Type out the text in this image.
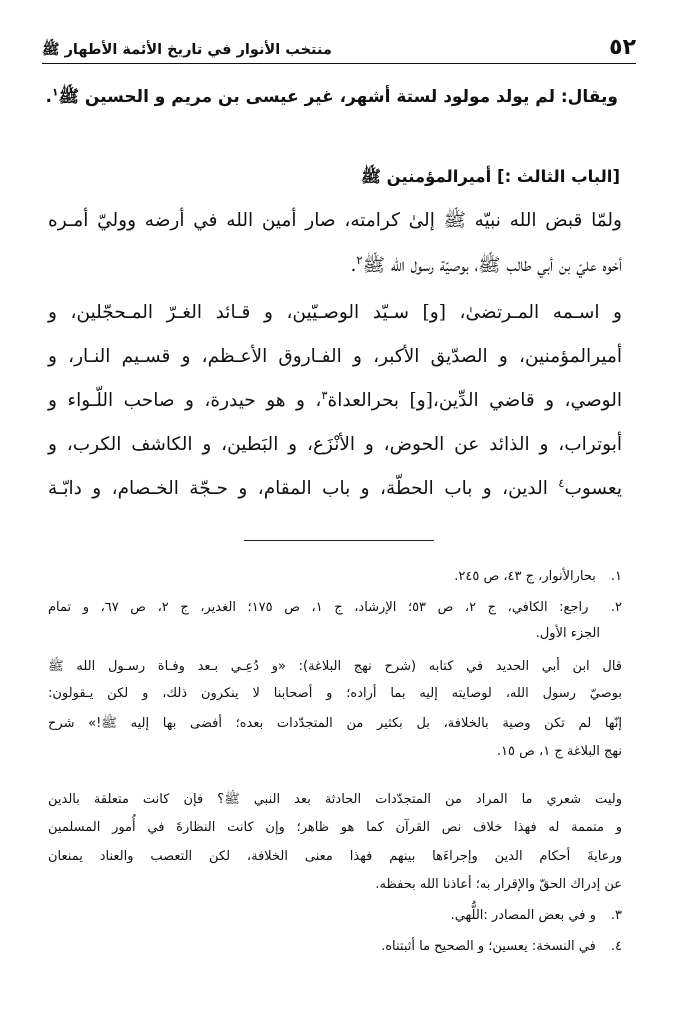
٥٢
منتخب الأنوار في تاريخ الأئمة الأطهار ﷺ
ويقال: لم يولد مولود لستة أشهر، غير عيسى بن مريم و الحسين ﷺ$^١$.
[الباب الثالث :] أميرالمؤمنين ﷺ
ولمّا قبض الله نبيّه ﷺ إلىٰ كرامته، صار أمين الله في أرضه ووليّ أمـره
أخوه عليّ بن أبي طالب ﷺ، بوصيّة رسول الله ﷺ$^٢$.
و اسـمه المـرتضىٰ، [و] سـيّد الوصـيّين، و قـائد الغـرّ المـحجّلين، و
أميرالمؤمنين، و الصدّيق الأكبر، و الفـاروق الأعـظم، و قسـيم النـار، و
الوصي، و قاضي الدِّين،[و] بحرالعداة$^٣$، و هو حيدرة، و صاحب اللّـواء و
أبوتراب، و الذائد عن الحوض، و الأنْزَع، و البَطين، و الكاشف الكرب، و
يعسوب$^٤$ الدين، و باب الحطّة، و باب المقام، و حـجّة الخـصام، و دابّـة
١. بحارالأنوار، ج ٤٣، ص ٢٤٥.
٢. راجع: الكافي، ج ٢، ص ٥٣؛ الإرشاد، ج ١، ص ١٧٥؛ الغدير، ج ٢، ص ٦٧، و تمام
الجزء الأول.
قال ابن أبي الحديد في كتابه (شرح نهج البلاغة): «و دُعِـي بـعد وفـاة رسـول الله ﷺ
بوصيّ رسول الله، لوصايته إليه بما أراده؛ و أصحابنا لا ينكرون ذلك، و لكن يـقولون:
إنّها لم تكن وصية بالخلافة، بل بكثير من المتجدّدات بعده؛ أفضى بها إليه ﷺ!» شرح
نهج البلاغة ج ١، ص ١٥.
وليت شعري ما المراد من المتجدّدات الحادثة بعد النبي ﷺ؟ فإن كانت متعلقة بالدين
و متممة له فهذا خلاف نص القرآن كما هو ظاهر؛ وإن كانت النظارةَ في أُمور المسلمين
ورعايةَ أحكام الدين وإجراءَها بينهم فهذا معنى الخلافة، لكن التعصب والعناد يمنعان
عن إدراك الحقّ والإقرار به؛ أعاذنا الله بحفظه.
٣. و في بعض المصادر :اللُّهي.
٤. في النسخة: يعسين؛ و الصحيح ما أثبتناه.
